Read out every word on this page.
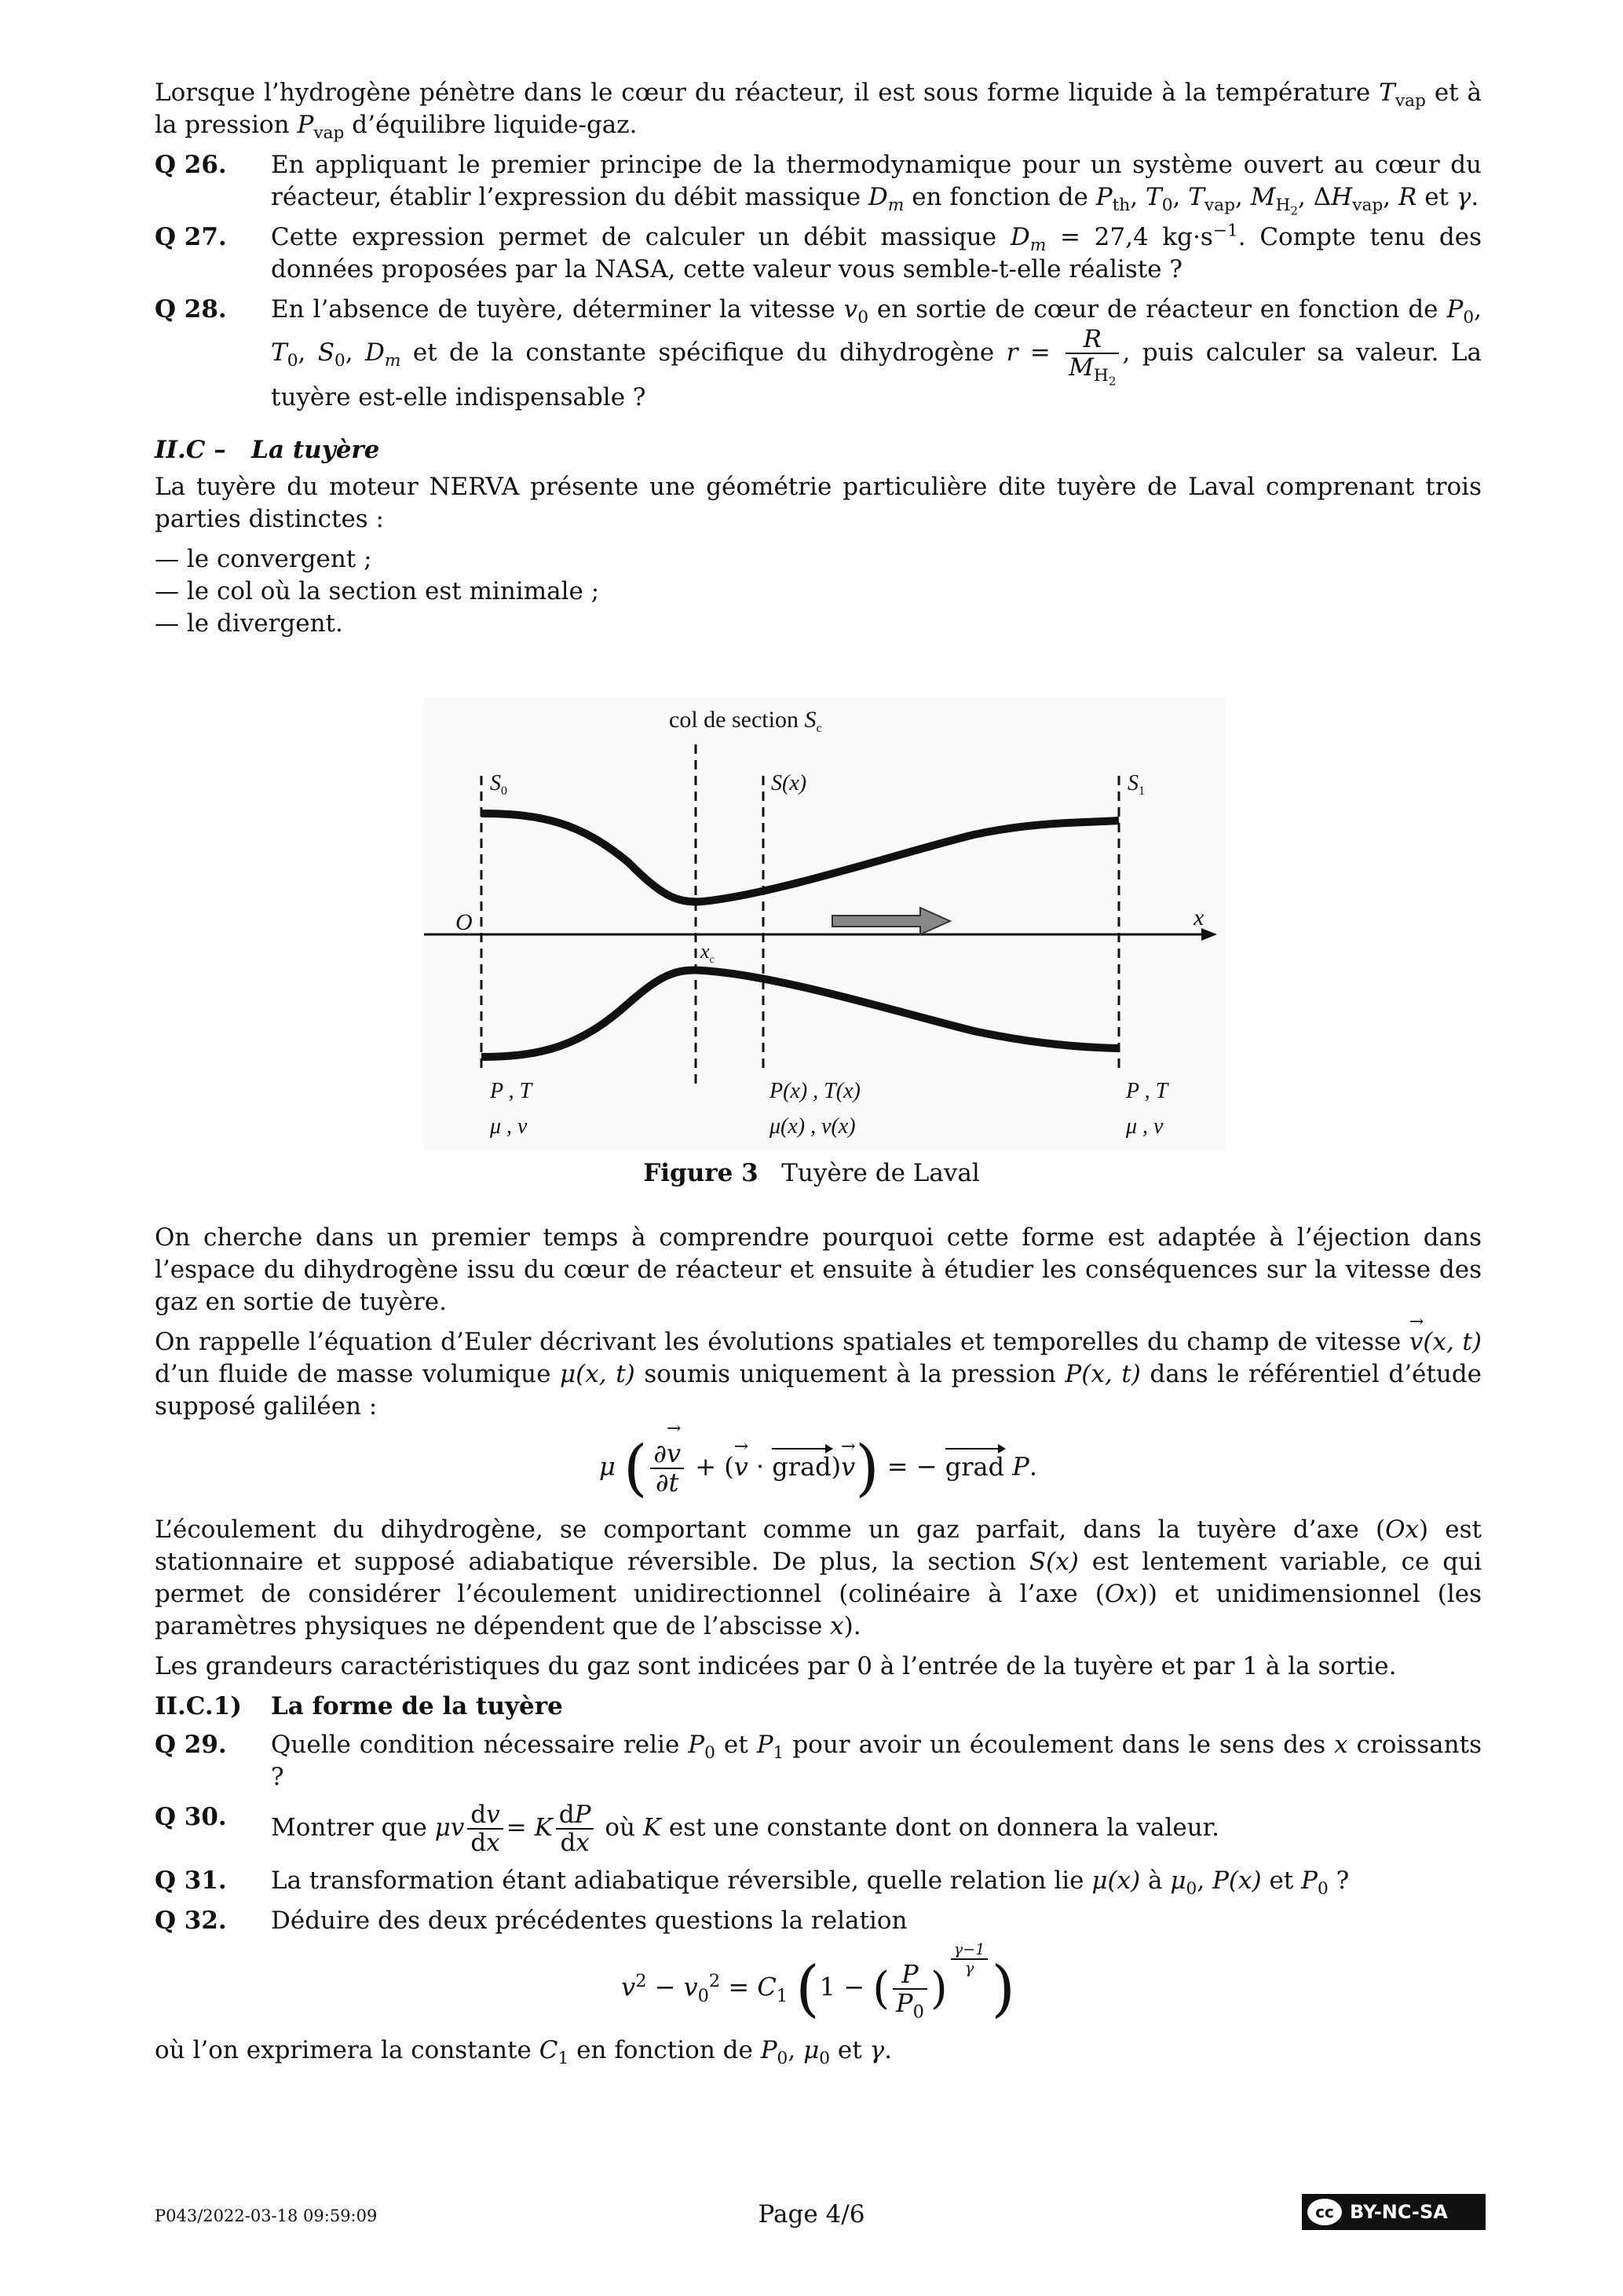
Lorsque l’hydrogène pénètre dans le cœur du réacteur, il est sous forme liquide à la température $T_{vap}$ et à la pression $P_{vap}$ d’équilibre liquide-gaz.

Q 26.	En appliquant le premier principe de la thermodynamique pour un système ouvert au cœur du réacteur, établir l’expression du débit massique $D_m$ en fonction de $P_{th}$, $T_0$, $T_{vap}$, $M_{H_2}$, $\Delta H_{vap}$, R et γ.
Q 27.	Cette expression permet de calculer un débit massique $D_m = 27,4$ $kg\cdot s^{-1}$. Compte tenu des données proposées par la NASA, cette valeur vous semble-t-elle réaliste ?
Q 28.	En l’absence de tuyère, déterminer la vitesse $v_0$ en sortie de cœur de réacteur en fonction de $P_0$, $T_0$, $S_0$, $D_m$ et de la constante spécifique du dihydrogène $r = \frac{R}{M_{H_2}}$ , puis calculer sa valeur. La tuyère est-elle indispensable ?
II.C – La tuyère

La tuyère du moteur NERVA présente une géométrie particulière dite tuyère de Laval comprenant trois parties distinctes :

— le convergent ;
— le col où la section est minimale ;
— le divergent.
col de section $S_c$
$S_0$	S(x)	$S_1$
O	x
$x_c$
P , T
μ , v
P(x) , T(x)
μ(x) , v(x)
P , T
μ , v
Figure 3 Tuyère de Laval

On cherche dans un premier temps à comprendre pourquoi cette forme est adaptée à l’éjection dans l’espace du dihydrogène issu du cœur de réacteur et ensuite à étudier les conséquences sur la vitesse des gaz en sortie de tuyère.

On rappelle l’équation d’Euler décrivant les évolutions spatiales et temporelles du champ de vitesse → v(x, t) d’un fluide de masse volumique μ(x, t) soumis uniquement à la pression P(x, t) dans le référentiel d’étude supposé galiléen :

μ ( $\frac{\partial\to v}{\partial t}$ + (→ v · grad)→ v) = − grad P.

L’écoulement du dihydrogène, se comportant comme un gaz parfait, dans la tuyère d’axe (Ox) est stationnaire et supposé adiabatique réversible. De plus, la section S(x) est lentement variable, ce qui permet de considérer l’écoulement unidirectionnel (colinéaire à l’axe (Ox)) et unidimensionnel (les paramètres physiques ne dépendent que de l’abscisse x).

Les grandeurs caractéristiques du gaz sont indicées par 0 à l’entrée de la tuyère et par 1 à la sortie.

II.C.1) La forme de la tuyère
Q 29.	Quelle condition nécessaire relie $P_0$ et $P_1$ pour avoir un écoulement dans le sens des x croissants ?
Q 30.	Montrer que μv $\frac{dv}{dx} = K \frac{dP}{dx}$ où K est une constante dont on donnera la valeur.
Q 31.	La transformation étant adiabatique réversible, quelle relation lie μ(x) à $\mu_0$, P(x) et $P_0$ ?
Q 32.	Déduire des deux précédentes questions la relation
$v^2 - v_0^2 = C_1$ (1 − ( $\frac{P}{P_0}$ )
$^{\frac{\gamma-1}{\gamma}}$ )

où l’on exprimera la constante $C_1$ en fonction de $P_0$, $\mu_0$ et γ.

P043/2022-03-18 09:59:09	Page 4/6	cc BY-NC-SA
